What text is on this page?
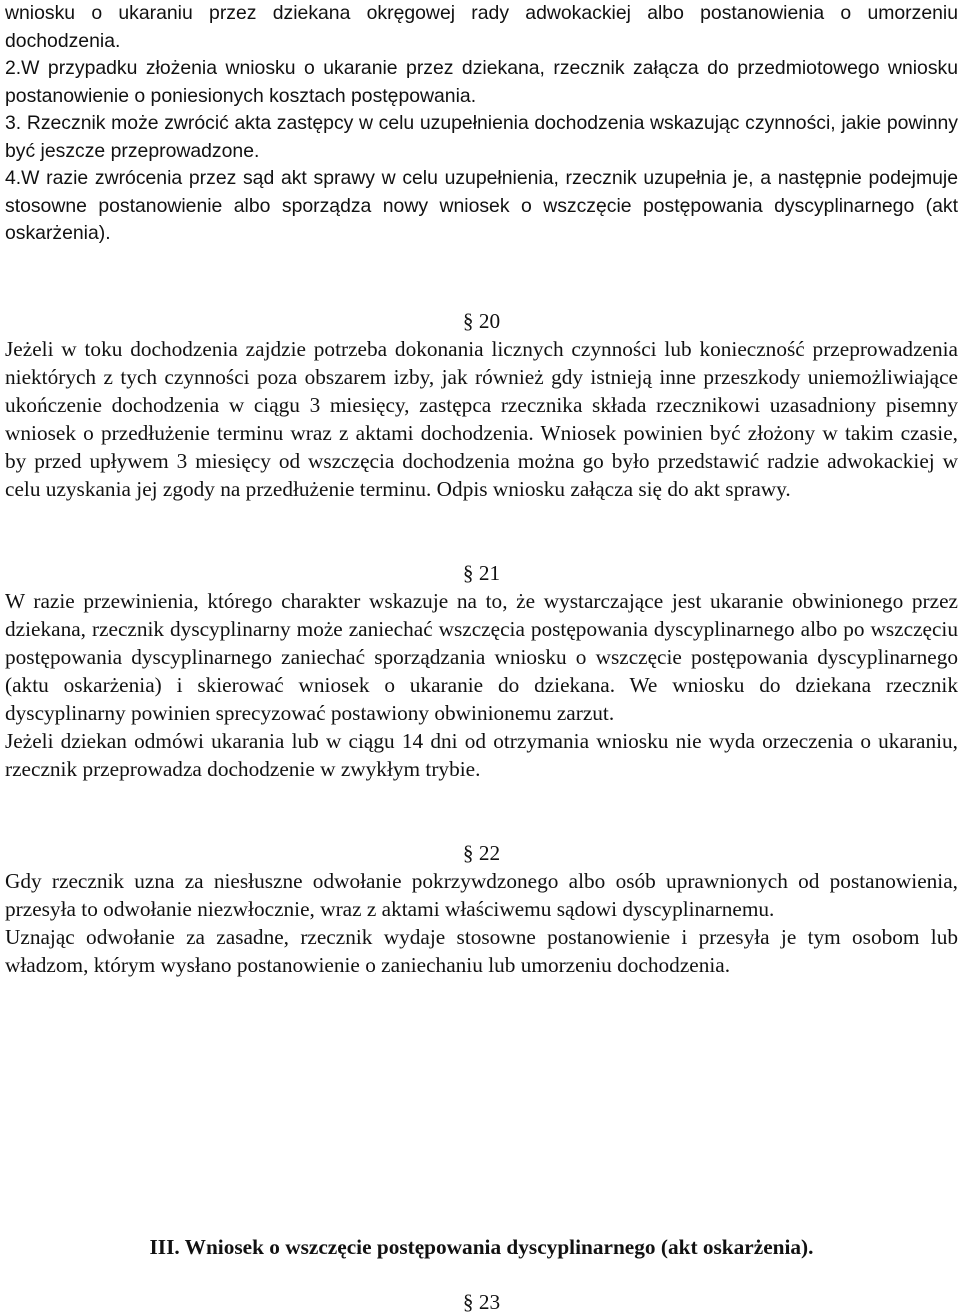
wniosku o ukaraniu przez dziekana okręgowej rady adwokackiej albo postanowienia o umorzeniu dochodzenia.

2.W przypadku złożenia wniosku o ukaranie przez dziekana, rzecznik załącza do przedmiotowego wniosku postanowienie o poniesionych kosztach postępowania.

3. Rzecznik może zwrócić akta zastępcy w celu uzupełnienia dochodzenia wskazując czynności, jakie powinny być jeszcze przeprowadzone.

4.W razie zwrócenia przez sąd akt sprawy w celu uzupełnienia, rzecznik uzupełnia je, a następnie podejmuje stosowne postanowienie albo sporządza nowy wniosek o wszczęcie postępowania dyscyplinarnego (akt oskarżenia).

§ 20

Jeżeli w toku dochodzenia zajdzie potrzeba dokonania licznych czynności lub konieczność przeprowadzenia niektórych z tych czynności poza obszarem izby, jak również gdy istnieją inne przeszkody uniemożliwiające ukończenie dochodzenia w ciągu 3 miesięcy, zastępca rzecznika składa rzecznikowi uzasadniony pisemny wniosek o przedłużenie terminu wraz z aktami dochodzenia. Wniosek powinien być złożony w takim czasie, by przed upływem 3 miesięcy od wszczęcia dochodzenia można go było przedstawić radzie adwokackiej w celu uzyskania jej zgody na przedłużenie terminu. Odpis wniosku załącza się do akt sprawy.

§ 21

W razie przewinienia, którego charakter wskazuje na to, że wystarczające jest ukaranie obwinionego przez dziekana, rzecznik dyscyplinarny może zaniechać wszczęcia postępowania dyscyplinarnego albo po wszczęciu postępowania dyscyplinarnego zaniechać sporządzania wniosku o wszczęcie postępowania dyscyplinarnego (aktu oskarżenia) i skierować wniosek o ukaranie do dziekana. We wniosku do dziekana rzecznik dyscyplinarny powinien sprecyzować postawiony obwinionemu zarzut.

Jeżeli dziekan odmówi ukarania lub w ciągu 14 dni od otrzymania wniosku nie wyda orzeczenia o ukaraniu, rzecznik przeprowadza dochodzenie w zwykłym trybie.

§ 22

Gdy rzecznik uzna za niesłuszne odwołanie pokrzywdzonego albo osób uprawnionych od postanowienia, przesyła to odwołanie niezwłocznie, wraz z aktami właściwemu sądowi dyscyplinarnemu.

Uznając odwołanie za zasadne, rzecznik wydaje stosowne postanowienie i przesyła je tym osobom lub władzom, którym wysłano postanowienie o zaniechaniu lub umorzeniu dochodzenia.

III. Wniosek o wszczęcie postępowania dyscyplinarnego (akt oskarżenia).

§ 23
